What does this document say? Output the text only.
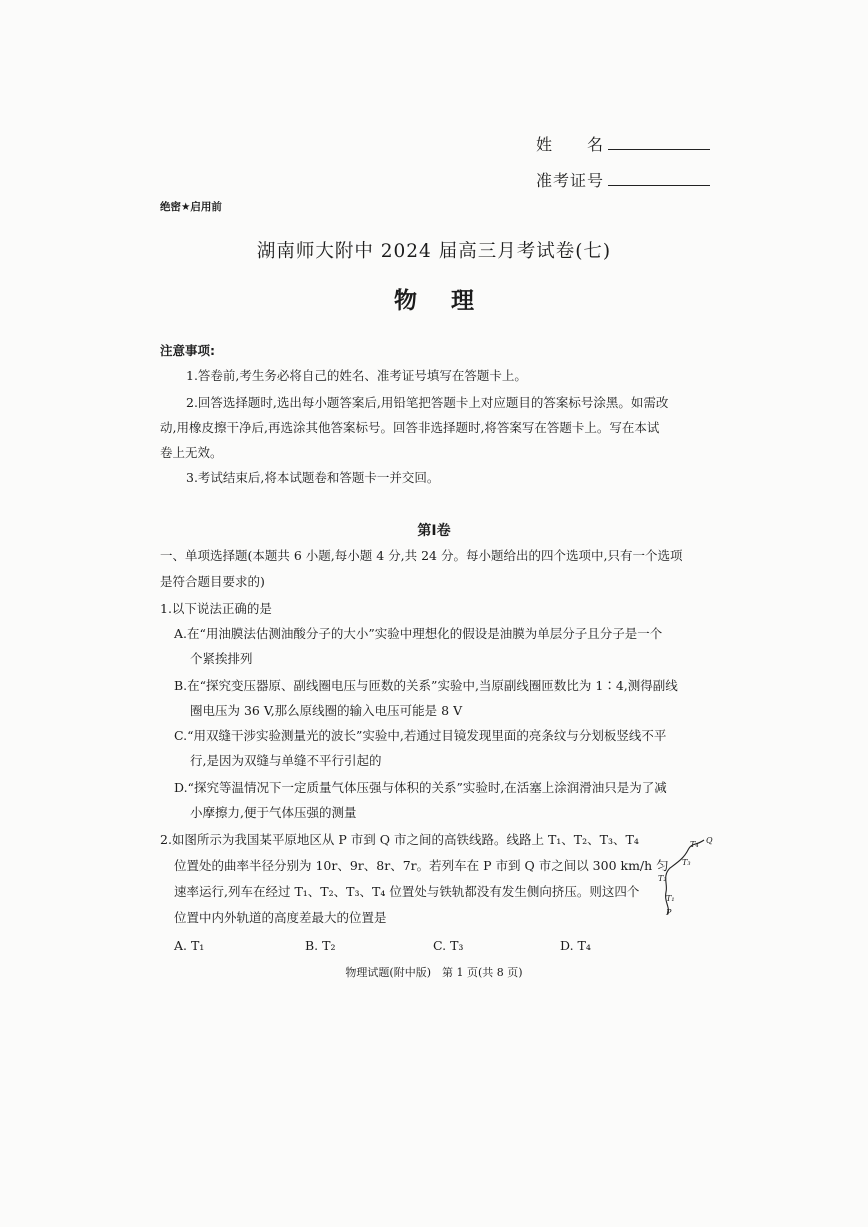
姓　　名
准考证号
绝密★启用前
湖南师大附中 2024 届高三月考试卷(七)
物理
注意事项:
1.答卷前,考生务必将自己的姓名、准考证号填写在答题卡上。
2.回答选择题时,选出每小题答案后,用铅笔把答题卡上对应题目的答案标号涂黑。如需改
动,用橡皮擦干净后,再选涂其他答案标号。回答非选择题时,将答案写在答题卡上。写在本试
卷上无效。
3.考试结束后,将本试题卷和答题卡一并交回。
第Ⅰ卷
一、单项选择题(本题共 6 小题,每小题 4 分,共 24 分。每小题给出的四个选项中,只有一个选项
是符合题目要求的)
1.以下说法正确的是
A.在“用油膜法估测油酸分子的大小”实验中理想化的假设是油膜为单层分子且分子是一个
个紧挨排列
B.在“探究变压器原、副线圈电压与匝数的关系”实验中,当原副线圈匝数比为 1∶4,测得副线
圈电压为 36 V,那么原线圈的输入电压可能是 8 V
C.“用双缝干涉实验测量光的波长”实验中,若通过目镜发现里面的亮条纹与分划板竖线不平
行,是因为双缝与单缝不平行引起的
D.“探究等温情况下一定质量气体压强与体积的关系”实验时,在活塞上涂润滑油只是为了减
小摩擦力,便于气体压强的测量
2.如图所示为我国某平原地区从 P 市到 Q 市之间的高铁线路。线路上 T₁、T₂、T₃、T₄
位置处的曲率半径分别为 10r、9r、8r、7r。若列车在 P 市到 Q 市之间以 300 km/h 匀
速率运行,列车在经过 T₁、T₂、T₃、T₄ 位置处与铁轨都没有发生侧向挤压。则这四个
位置中内外轨道的高度差最大的位置是
A. T₁	B. T₂	C. T₃	D. T₄
Q
T₄
T₃
T₂
T₁
P
物理试题(附中版)　第 1 页(共 8 页)
